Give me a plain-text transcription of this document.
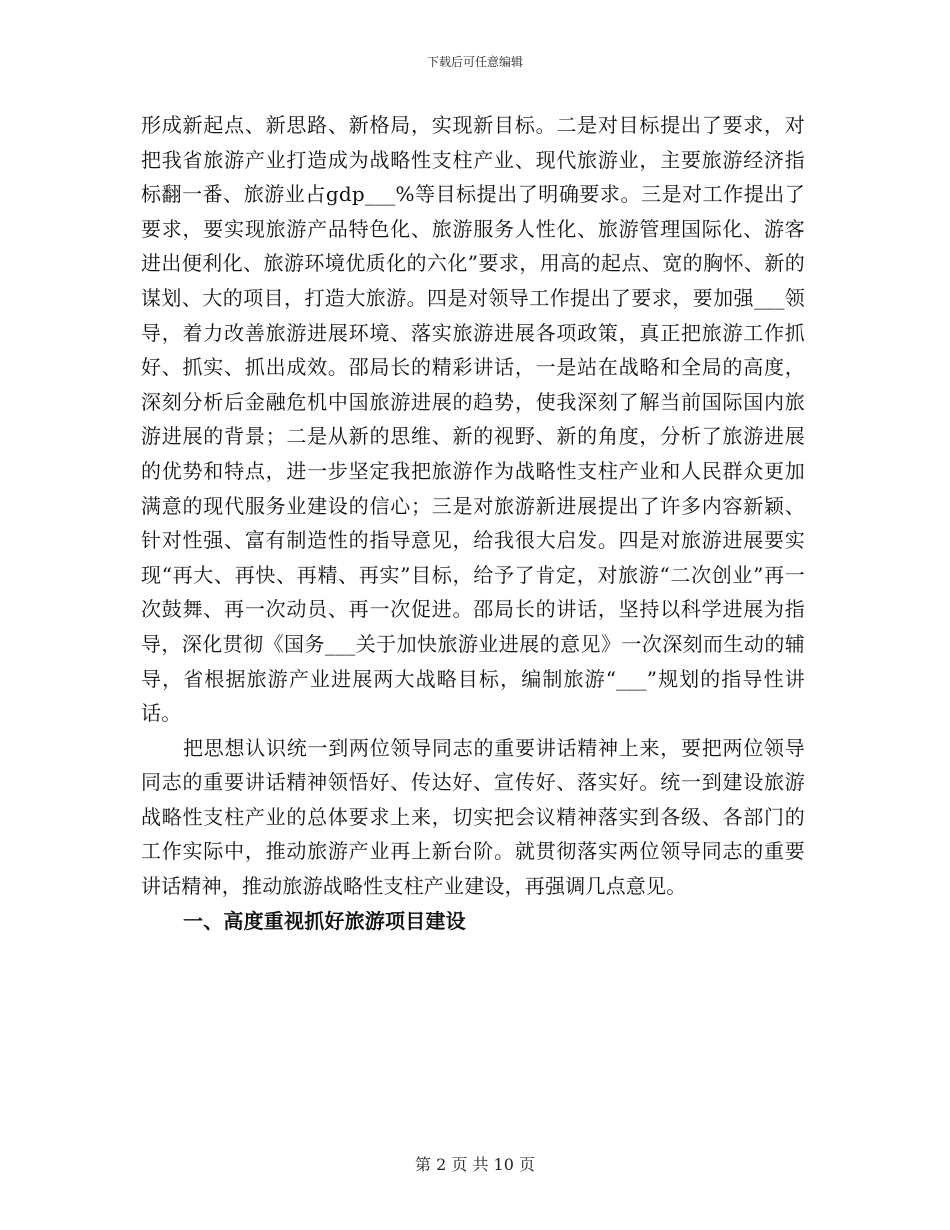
下载后可任意编辑

形成新起点、新思路、新格局，实现新目标。二是对目标提出了要求，对把我省旅游产业打造成为战略性支柱产业、现代旅游业，主要旅游经济指标翻一番、旅游业占gdp___%等目标提出了明确要求。三是对工作提出了要求，要实现旅游产品特色化、旅游服务人性化、旅游管理国际化、游客进出便利化、旅游环境优质化的六化”要求，用高的起点、宽的胸怀、新的谋划、大的项目，打造大旅游。四是对领导工作提出了要求，要加强___领导，着力改善旅游进展环境、落实旅游进展各项政策，真正把旅游工作抓好、抓实、抓出成效。邵局长的精彩讲话，一是站在战略和全局的高度，深刻分析后金融危机中国旅游进展的趋势，使我深刻了解当前国际国内旅游进展的背景；二是从新的思维、新的视野、新的角度，分析了旅游进展的优势和特点，进一步坚定我把旅游作为战略性支柱产业和人民群众更加满意的现代服务业建设的信心；三是对旅游新进展提出了许多内容新颖、针对性强、富有制造性的指导意见，给我很大启发。四是对旅游进展要实现“再大、再快、再精、再实”目标，给予了肯定，对旅游“二次创业”再一次鼓舞、再一次动员、再一次促进。邵局长的讲话，坚持以科学进展为指导，深化贯彻《国务___关于加快旅游业进展的意见》一次深刻而生动的辅导，省根据旅游产业进展两大战略目标，编制旅游“___”规划的指导性讲话。

把思想认识统一到两位领导同志的重要讲话精神上来，要把两位领导同志的重要讲话精神领悟好、传达好、宣传好、落实好。统一到建设旅游战略性支柱产业的总体要求上来，切实把会议精神落实到各级、各部门的工作实际中，推动旅游产业再上新台阶。就贯彻落实两位领导同志的重要讲话精神，推动旅游战略性支柱产业建设，再强调几点意见。

一、高度重视抓好旅游项目建设

第 2 页 共 10 页
